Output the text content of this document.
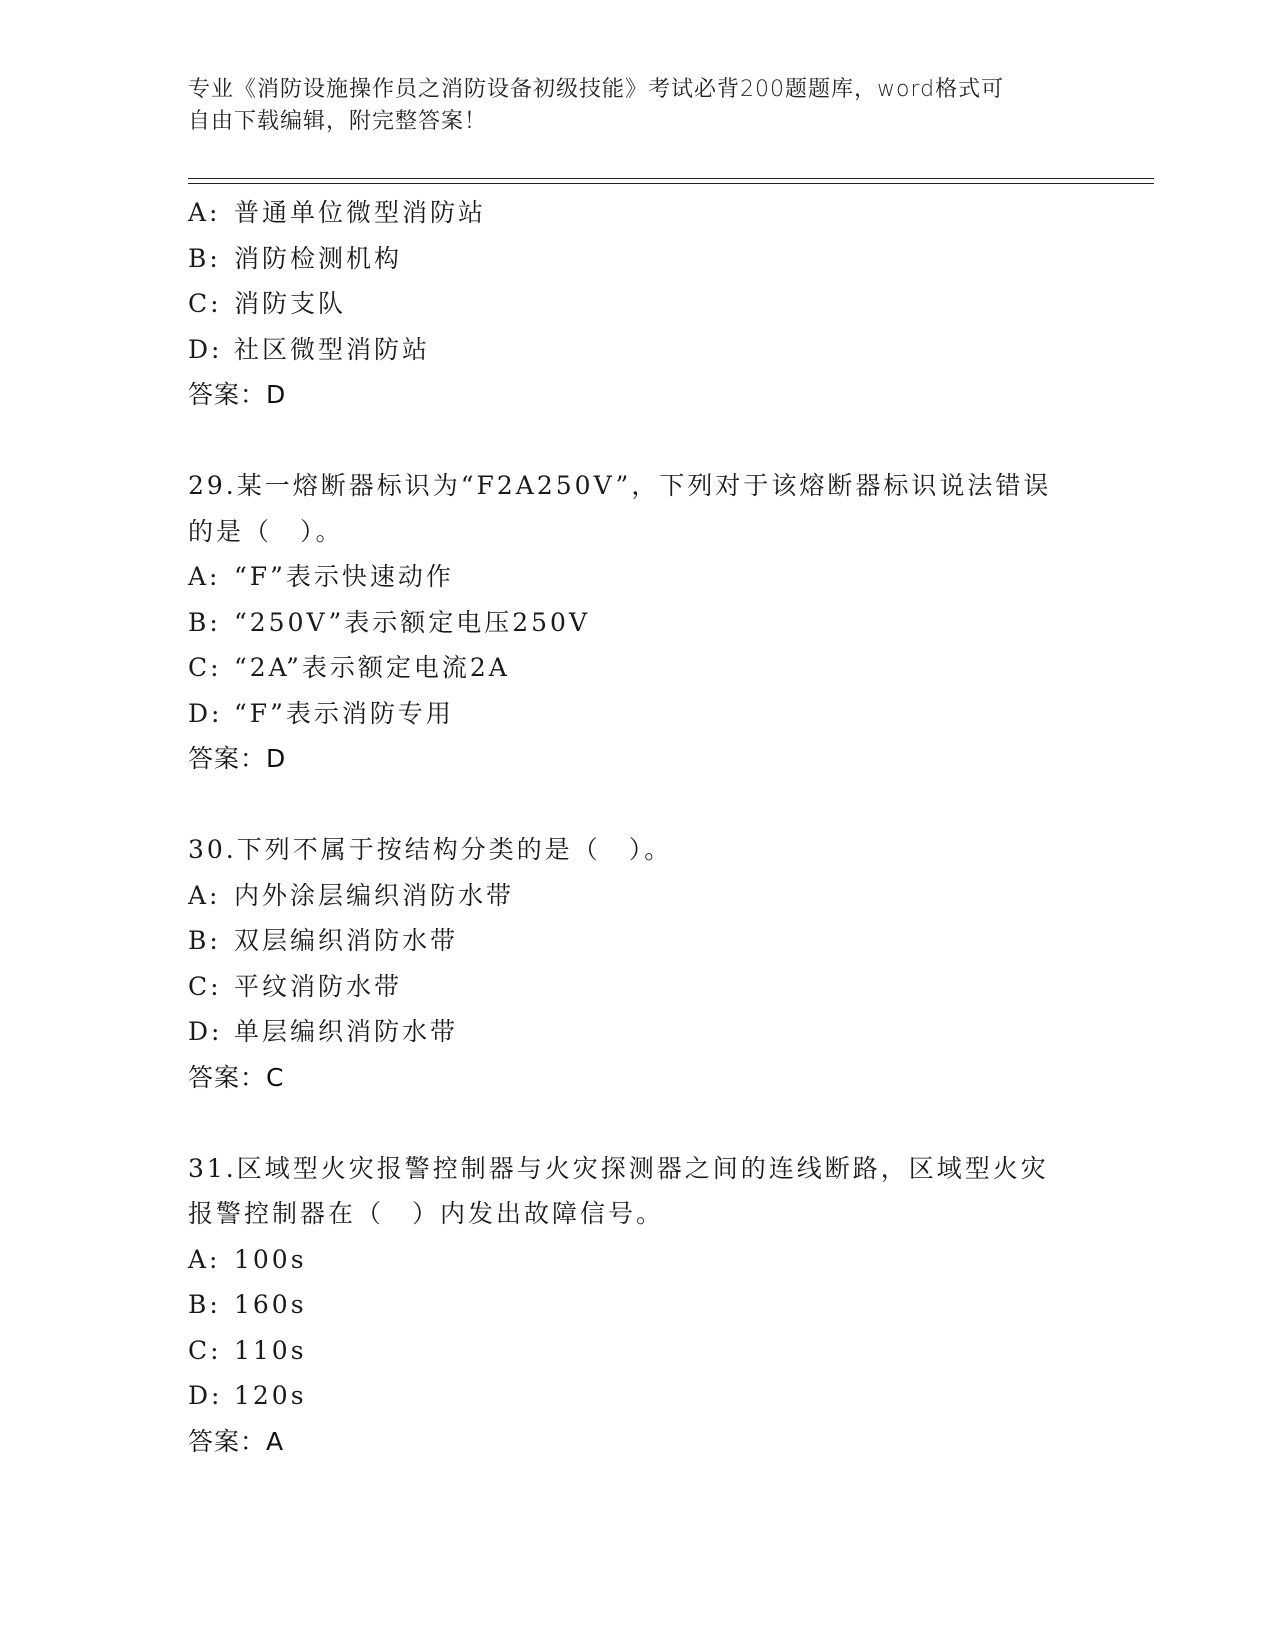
专业《消防设施操作员之消防设备初级技能》考试必背200题题库，word格式可
自由下载编辑，附完整答案！
A: 普通单位微型消防站
B: 消防检测机构
C: 消防支队
D: 社区微型消防站
答案：D
29.某一熔断器标识为“F2A250V”，下列对于该熔断器标识说法错误
的是（　）。
A: “F”表示快速动作
B: “250V”表示额定电压250V
C: “2A”表示额定电流2A
D: “F”表示消防专用
答案：D
30.下列不属于按结构分类的是（　）。
A: 内外涂层编织消防水带
B: 双层编织消防水带
C: 平纹消防水带
D: 单层编织消防水带
答案：C
31.区域型火灾报警控制器与火灾探测器之间的连线断路，区域型火灾
报警控制器在（　）内发出故障信号。
A: 100s
B: 160s
C: 110s
D: 120s
答案：A
